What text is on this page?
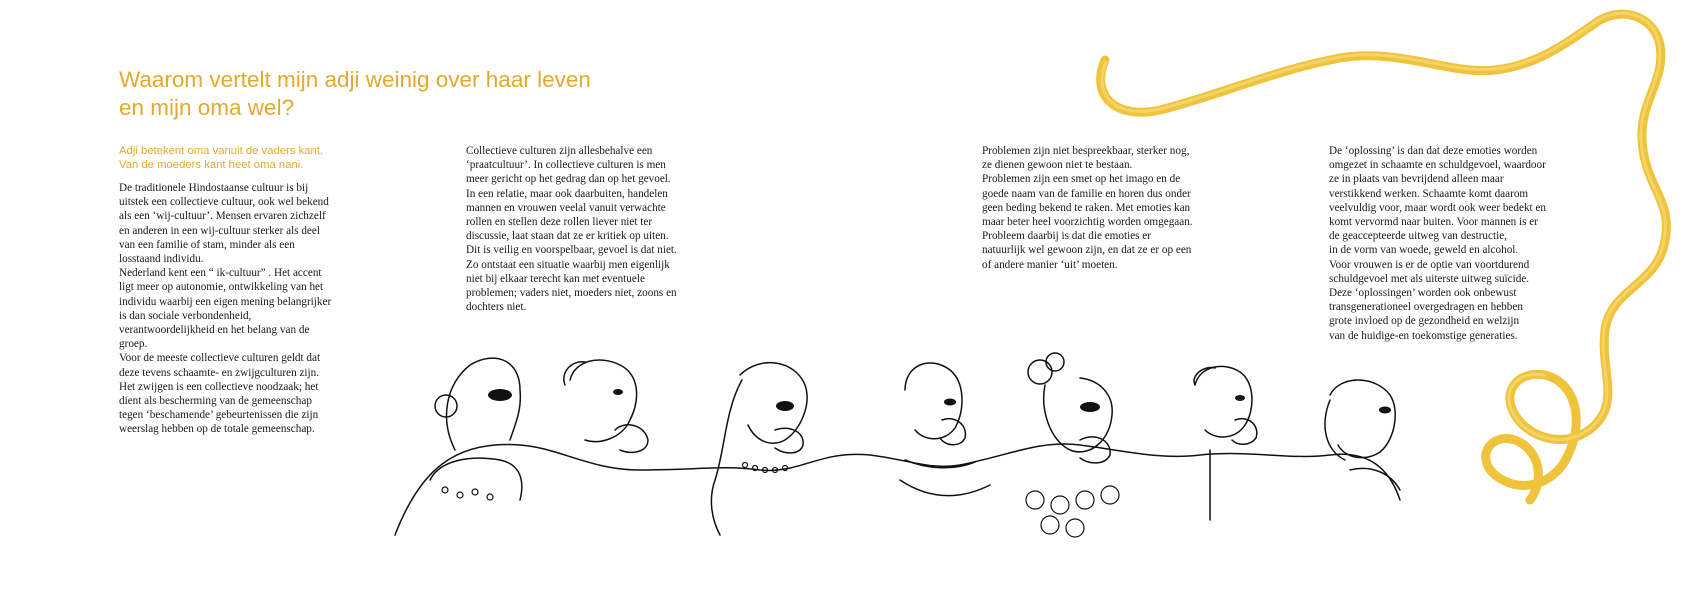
Waarom vertelt mijn adji weinig over haar leven
en mijn oma wel?

Adji betekent oma vanuit de vaders kant.
Van de moeders kant heet oma nani.

De traditionele Hindostaanse cultuur is bij

uitstek een collectieve cultuur, ook wel bekend

als een ‘wij-cultuur’. Mensen ervaren zichzelf

en anderen in een wij-cultuur sterker als deel

van een familie of stam, minder als een

losstaand individu.

Nederland kent een “ ik-cultuur” . Het accent

ligt meer op autonomie, ontwikkeling van het

individu waarbij een eigen mening belangrijker

is dan sociale verbondenheid,

verantwoordelijkheid en het belang van de

groep.

Voor de meeste collectieve culturen geldt dat

deze tevens schaamte- en zwijgculturen zijn.

Het zwijgen is een collectieve noodzaak; het

dient als bescherming van de gemeenschap

tegen ‘beschamende’ gebeurtenissen die zijn

weerslag hebben op de totale gemeenschap.

Collectieve culturen zijn allesbehalve een

‘praatcultuur’. In collectieve culturen is men

meer gericht op het gedrag dan op het gevoel.

In een relatie, maar ook daarbuiten, handelen

mannen en vrouwen veelal vanuit verwachte

rollen en stellen deze rollen liever niet ter

discussie, laat staan dat ze er kritiek op uiten.

Dit is veilig en voorspelbaar, gevoel is dat niet.

Zo ontstaat een situatie waarbij men eigenlijk

niet bij elkaar terecht kan met eventuele

problemen; vaders niet, moeders niet, zoons en

dochters niet.

Problemen zijn niet bespreekbaar, sterker nog,

ze dienen gewoon niet te bestaan.

Problemen zijn een smet op het imago en de

goede naam van de familie en horen dus onder

geen beding bekend te raken. Met emoties kan

maar beter heel voorzichtig worden omgegaan.

Probleem daarbij is dat die emoties er

natuurlijk wel gewoon zijn, en dat ze er op een

of andere manier ‘uit’ moeten.

De ‘oplossing’ is dan dat deze emoties worden

omgezet in schaamte en schuldgevoel, waardoor

ze in plaats van bevrijdend alleen maar

verstikkend werken. Schaamte komt daarom

veelvuldig voor, maar wordt ook weer bedekt en

komt vervormd naar buiten. Voor mannen is er

de geaccepteerde uitweg van destructie,

in de vorm van woede, geweld en alcohol.

Voor vrouwen is er de optie van voortdurend

schuldgevoel met als uiterste uitweg suïcide.

Deze ‘oplossingen’ worden ook onbewust

transgenerationeel overgedragen en hebben

grote invloed op de gezondheid en welzijn

van de huidige-en toekomstige generaties.
